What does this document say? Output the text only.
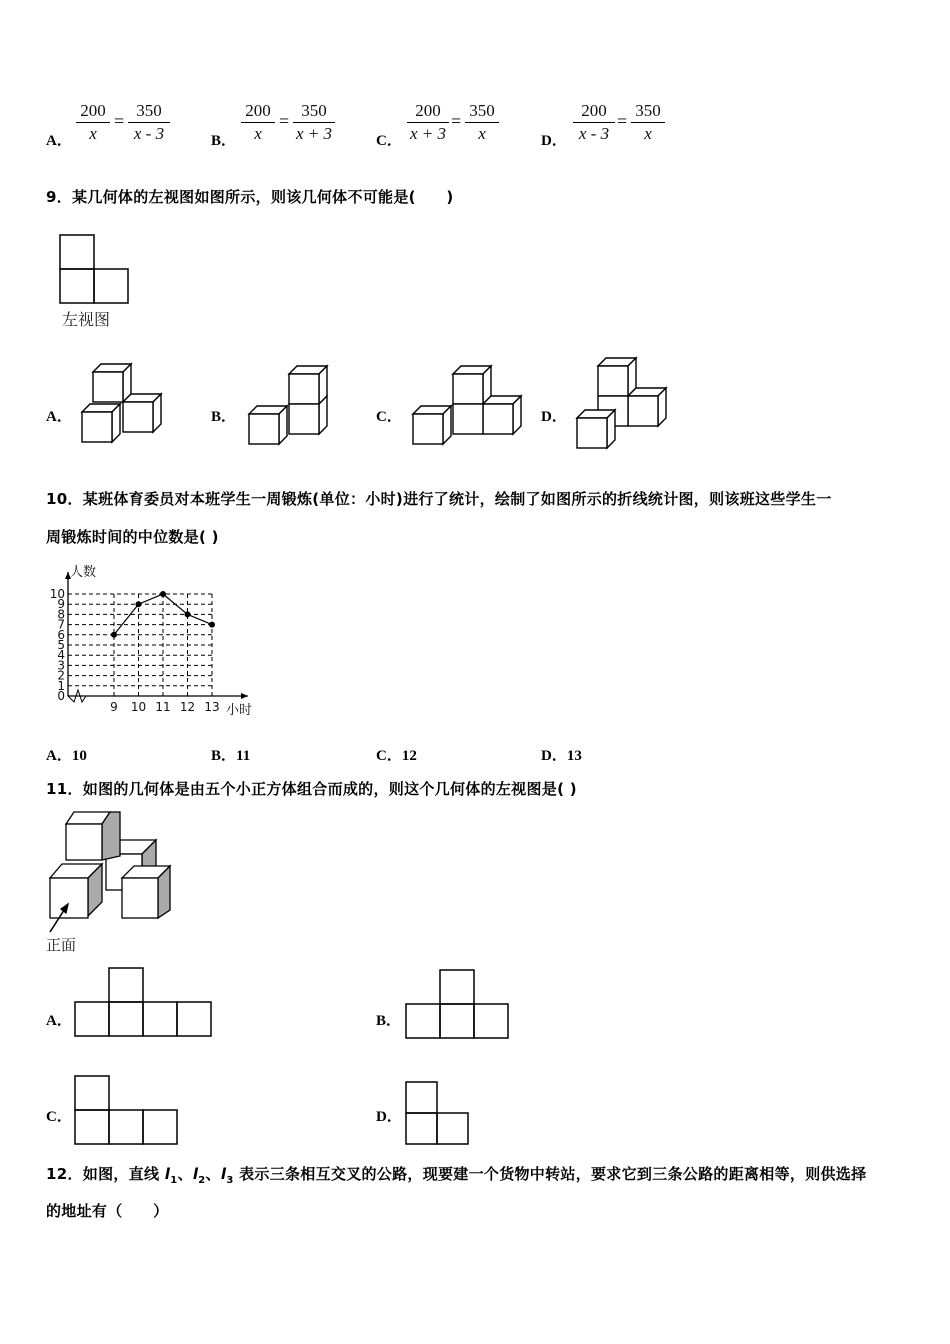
A． $\frac{200}{x} = \frac{350}{x - 3}$	B． $\frac{200}{x} = \frac{350}{x + 3}$	C． $\frac{200}{x + 3} = \frac{350}{x}$	D． $\frac{200}{x - 3} = \frac{350}{x}$
9．某几何体的左视图如图所示，则该几何体不可能是(　　)
左视图
A．	B．	C．	D．
10．某班体育委员对本班学生一周锻炼(单位：小时)进行了统计，绘制了如图所示的折线统计图，则该班这些学生一
周锻炼时间的中位数是( )
0
1
2
3
4
5
6
7
8
9
10
9 10 11 12 13
人数
小时
A．10	B．11	C．12	D．13
11．如图的几何体是由五个小正方体组合而成的，则这个几何体的左视图是( )
正面
A．	B．
C．	D．
12．如图，直线 $l_1$、$l_2$、$l_3$ 表示三条相互交叉的公路，现要建一个货物中转站，要求它到三条公路的距离相等，则供选择
的地址有（　　）
